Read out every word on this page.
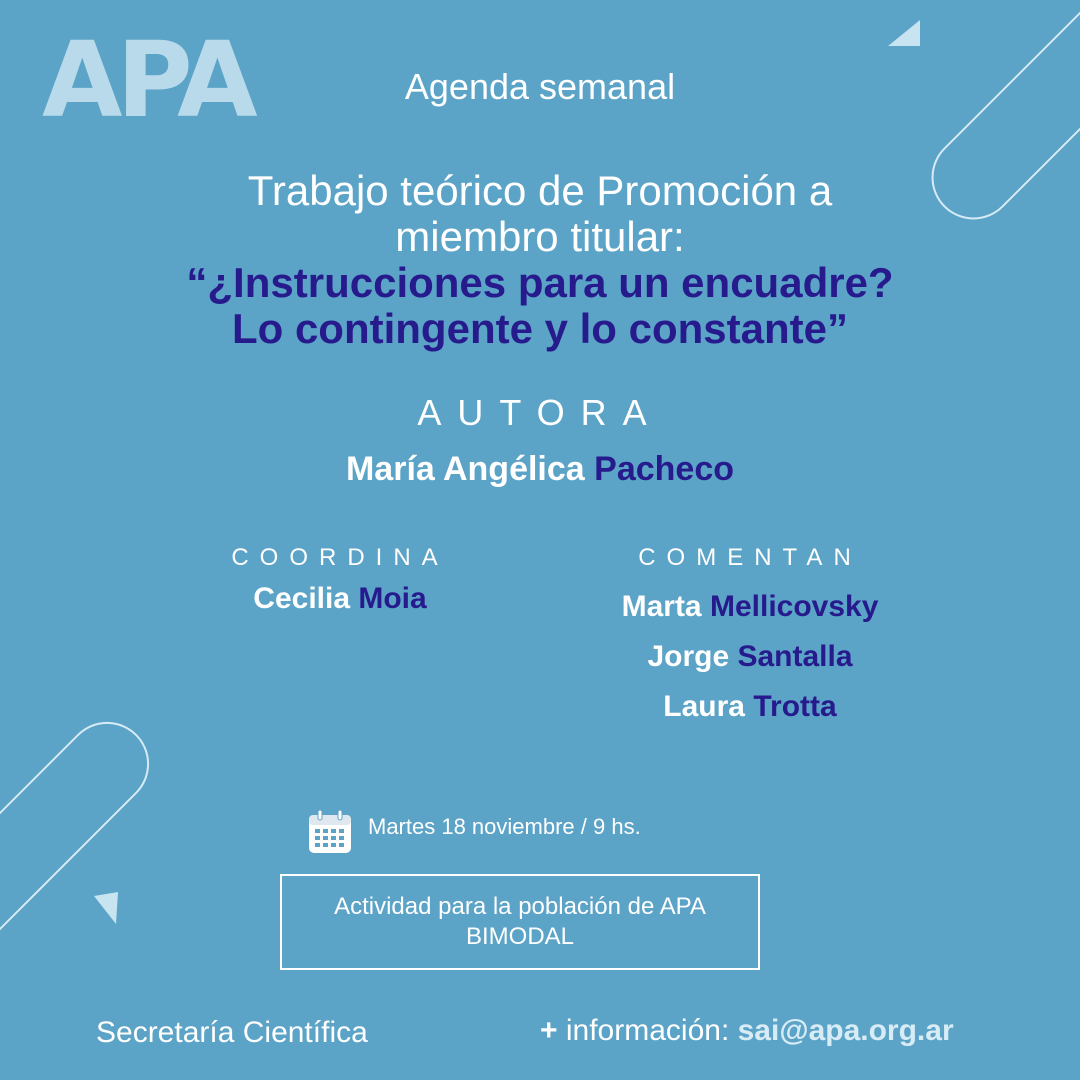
APA	Agenda semanal
Trabajo teórico de Promoción a
miembro titular:
“¿Instrucciones para un encuadre?
Lo contingente y lo constante”
AUTORA
María Angélica Pacheco
COORDINA
Cecilia Moia
COMENTAN
Marta Mellicovsky
Jorge Santalla
Laura Trotta
Martes 18 noviembre / 9 hs.
Actividad para la población de APA
BIMODAL
Secretaría Científica	+ información: sai@apa.org.ar
